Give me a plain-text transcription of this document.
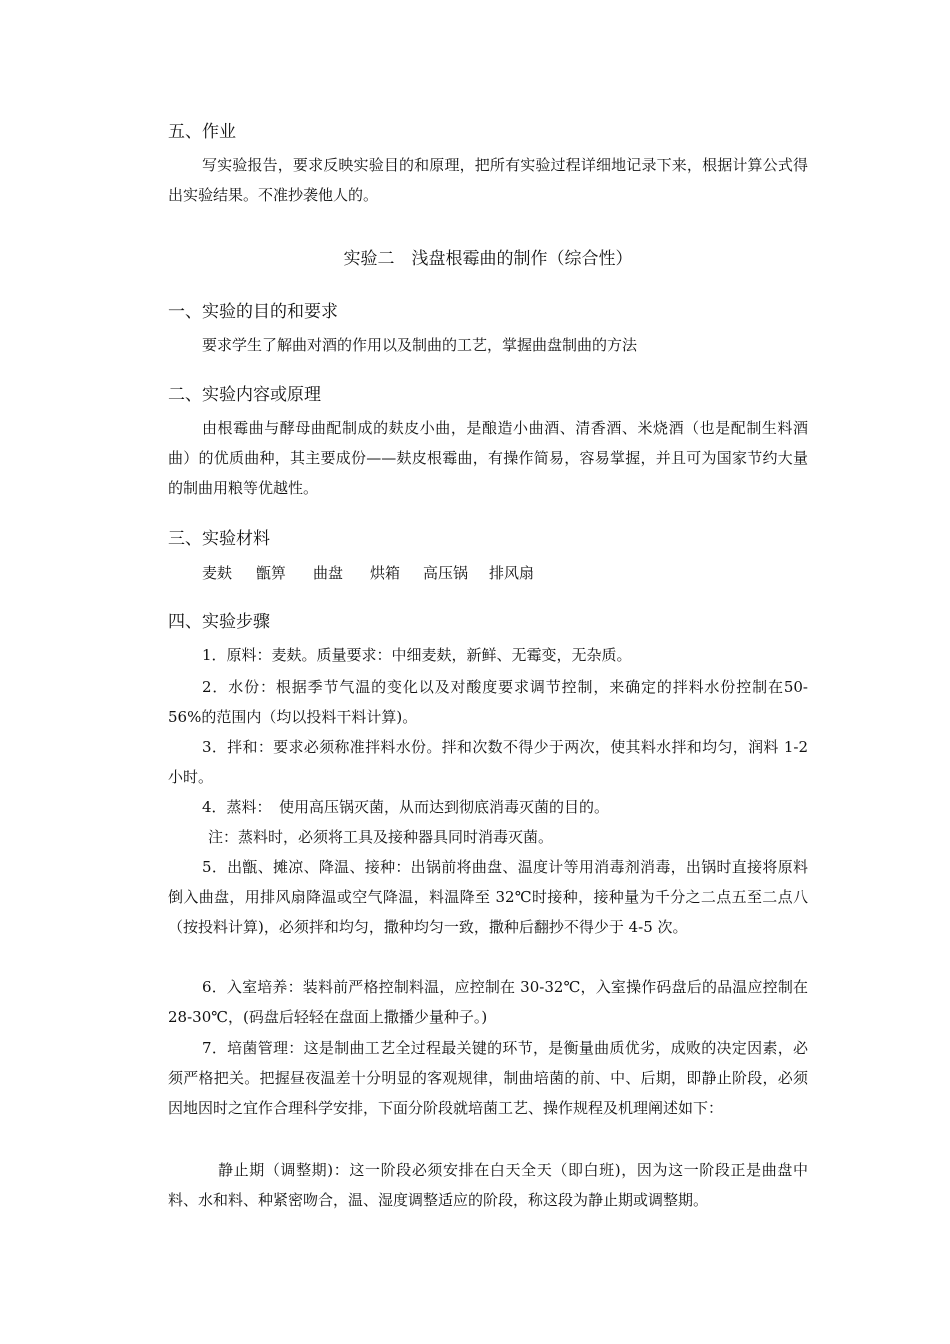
五、作业

写实验报告，要求反映实验目的和原理，把所有实验过程详细地记录下来，根据计算公式得出实验结果。不准抄袭他人的。

实验二　浅盘根霉曲的制作（综合性）
一、实验的目的和要求

要求学生了解曲对酒的作用以及制曲的工艺，掌握曲盘制曲的方法

二、实验内容或原理

由根霉曲与酵母曲配制成的麸皮小曲，是酿造小曲酒、清香酒、米烧酒（也是配制生料酒曲）的优质曲种，其主要成份——麸皮根霉曲，有操作简易，容易掌握，并且可为国家节约大量的制曲用粮等优越性。

三、实验材料
麦麸 甑箅 曲盘 烘箱 高压锅 排风扇
四、实验步骤

1．原料：麦麸。质量要求：中细麦麸，新鲜、无霉变，无杂质。

2．水份：根据季节气温的变化以及对酸度要求调节控制，来确定的拌料水份控制在50-56%的范围内（均以投料干料计算)。

3．拌和：要求必须称准拌料水份。拌和次数不得少于两次，使其料水拌和均匀，润料 1-2 小时。

4．蒸料：　使用高压锅灭菌，从而达到彻底消毒灭菌的目的。

注：蒸料时，必须将工具及接种器具同时消毒灭菌。

5．出甑、摊凉、降温、接种：出锅前将曲盘、温度计等用消毒剂消毒，出锅时直接将原料倒入曲盘，用排风扇降温或空气降温，料温降至 32℃时接种，接种量为千分之二点五至二点八（按投料计算)，必须拌和均匀，撒种均匀一致，撒种后翻抄不得少于 4-5 次。

6．入室培养：装料前严格控制料温，应控制在 30-32℃，入室操作码盘后的品温应控制在 28-30℃，(码盘后轻轻在盘面上撒播少量种子。)

7．培菌管理：这是制曲工艺全过程最关键的环节，是衡量曲质优劣，成败的决定因素，必须严格把关。把握昼夜温差十分明显的客观规律，制曲培菌的前、中、后期，即静止阶段，必须因地因时之宜作合理科学安排，下面分阶段就培菌工艺、操作规程及机理阐述如下：

静止期（调整期)：这一阶段必须安排在白天全天（即白班)，因为这一阶段正是曲盘中料、水和料、种紧密吻合，温、湿度调整适应的阶段，称这段为静止期或调整期。
